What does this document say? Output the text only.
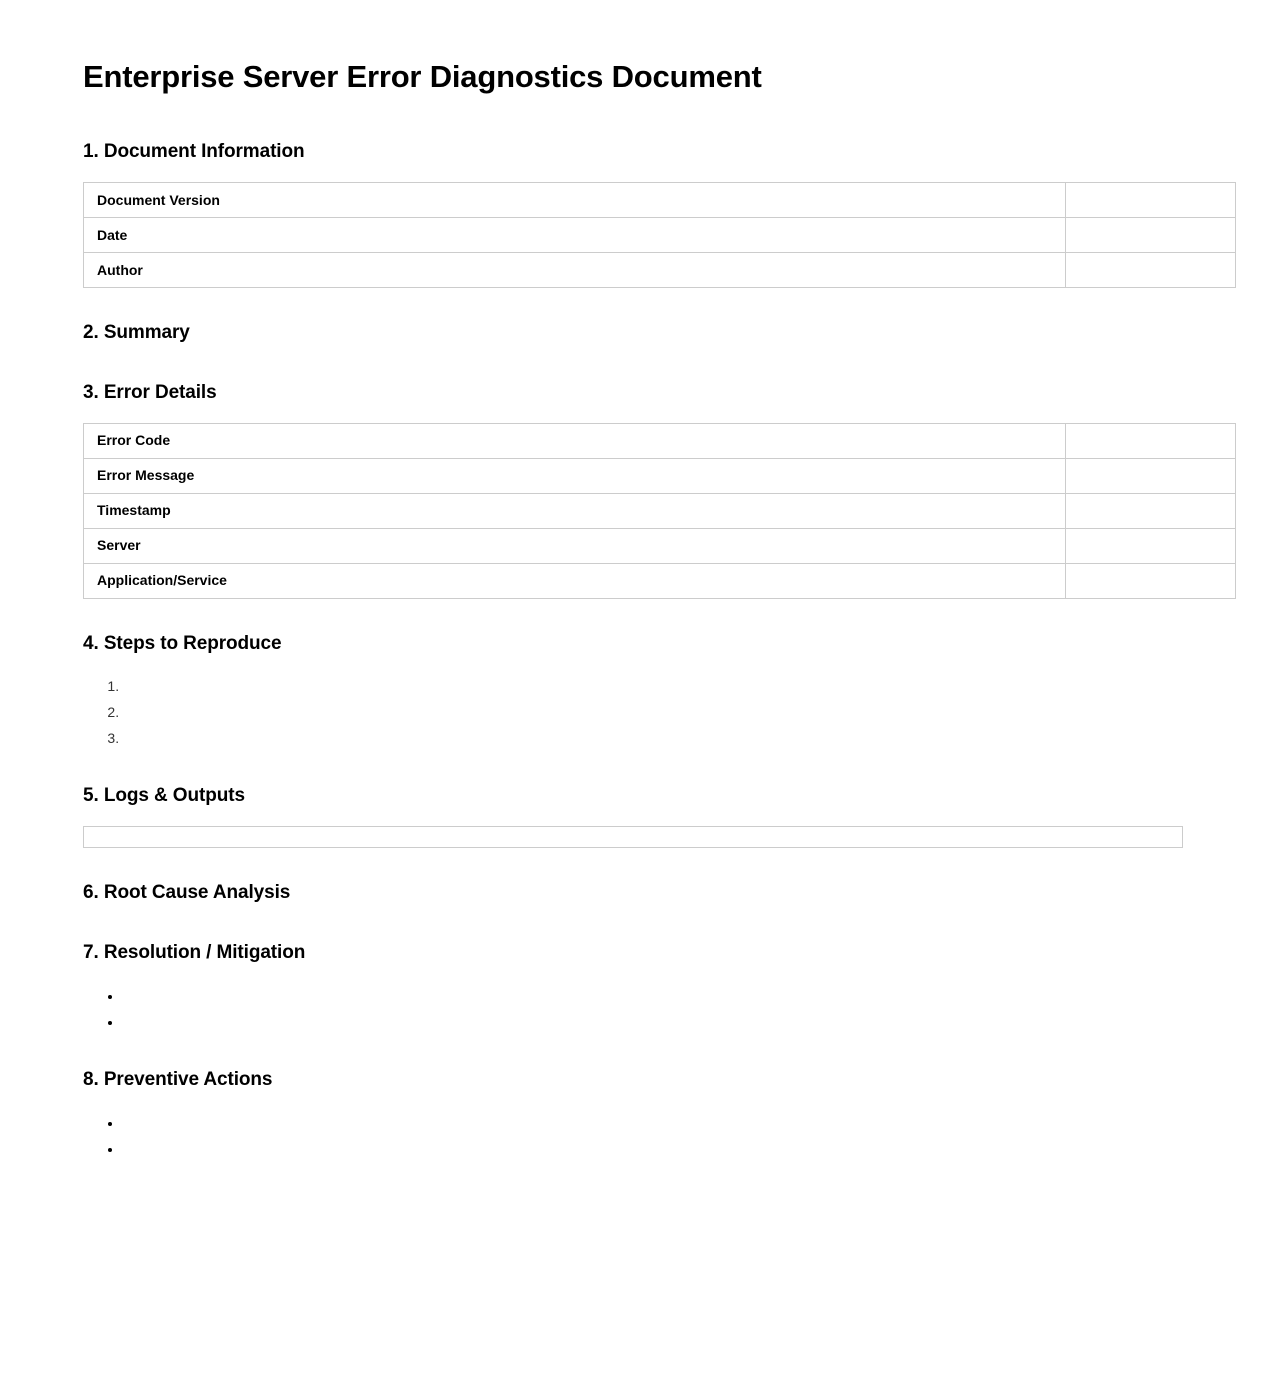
Enterprise Server Error Diagnostics Document
1. Document Information
Document Version	
Date	
Author	
2. Summary
3. Error Details
Error Code	
Error Message	
Timestamp	
Server	
Application/Service	
4. Steps to Reproduce
1.
2.
3.
5. Logs & Outputs
6. Root Cause Analysis
7. Resolution / Mitigation
•
•
8. Preventive Actions
•
•
